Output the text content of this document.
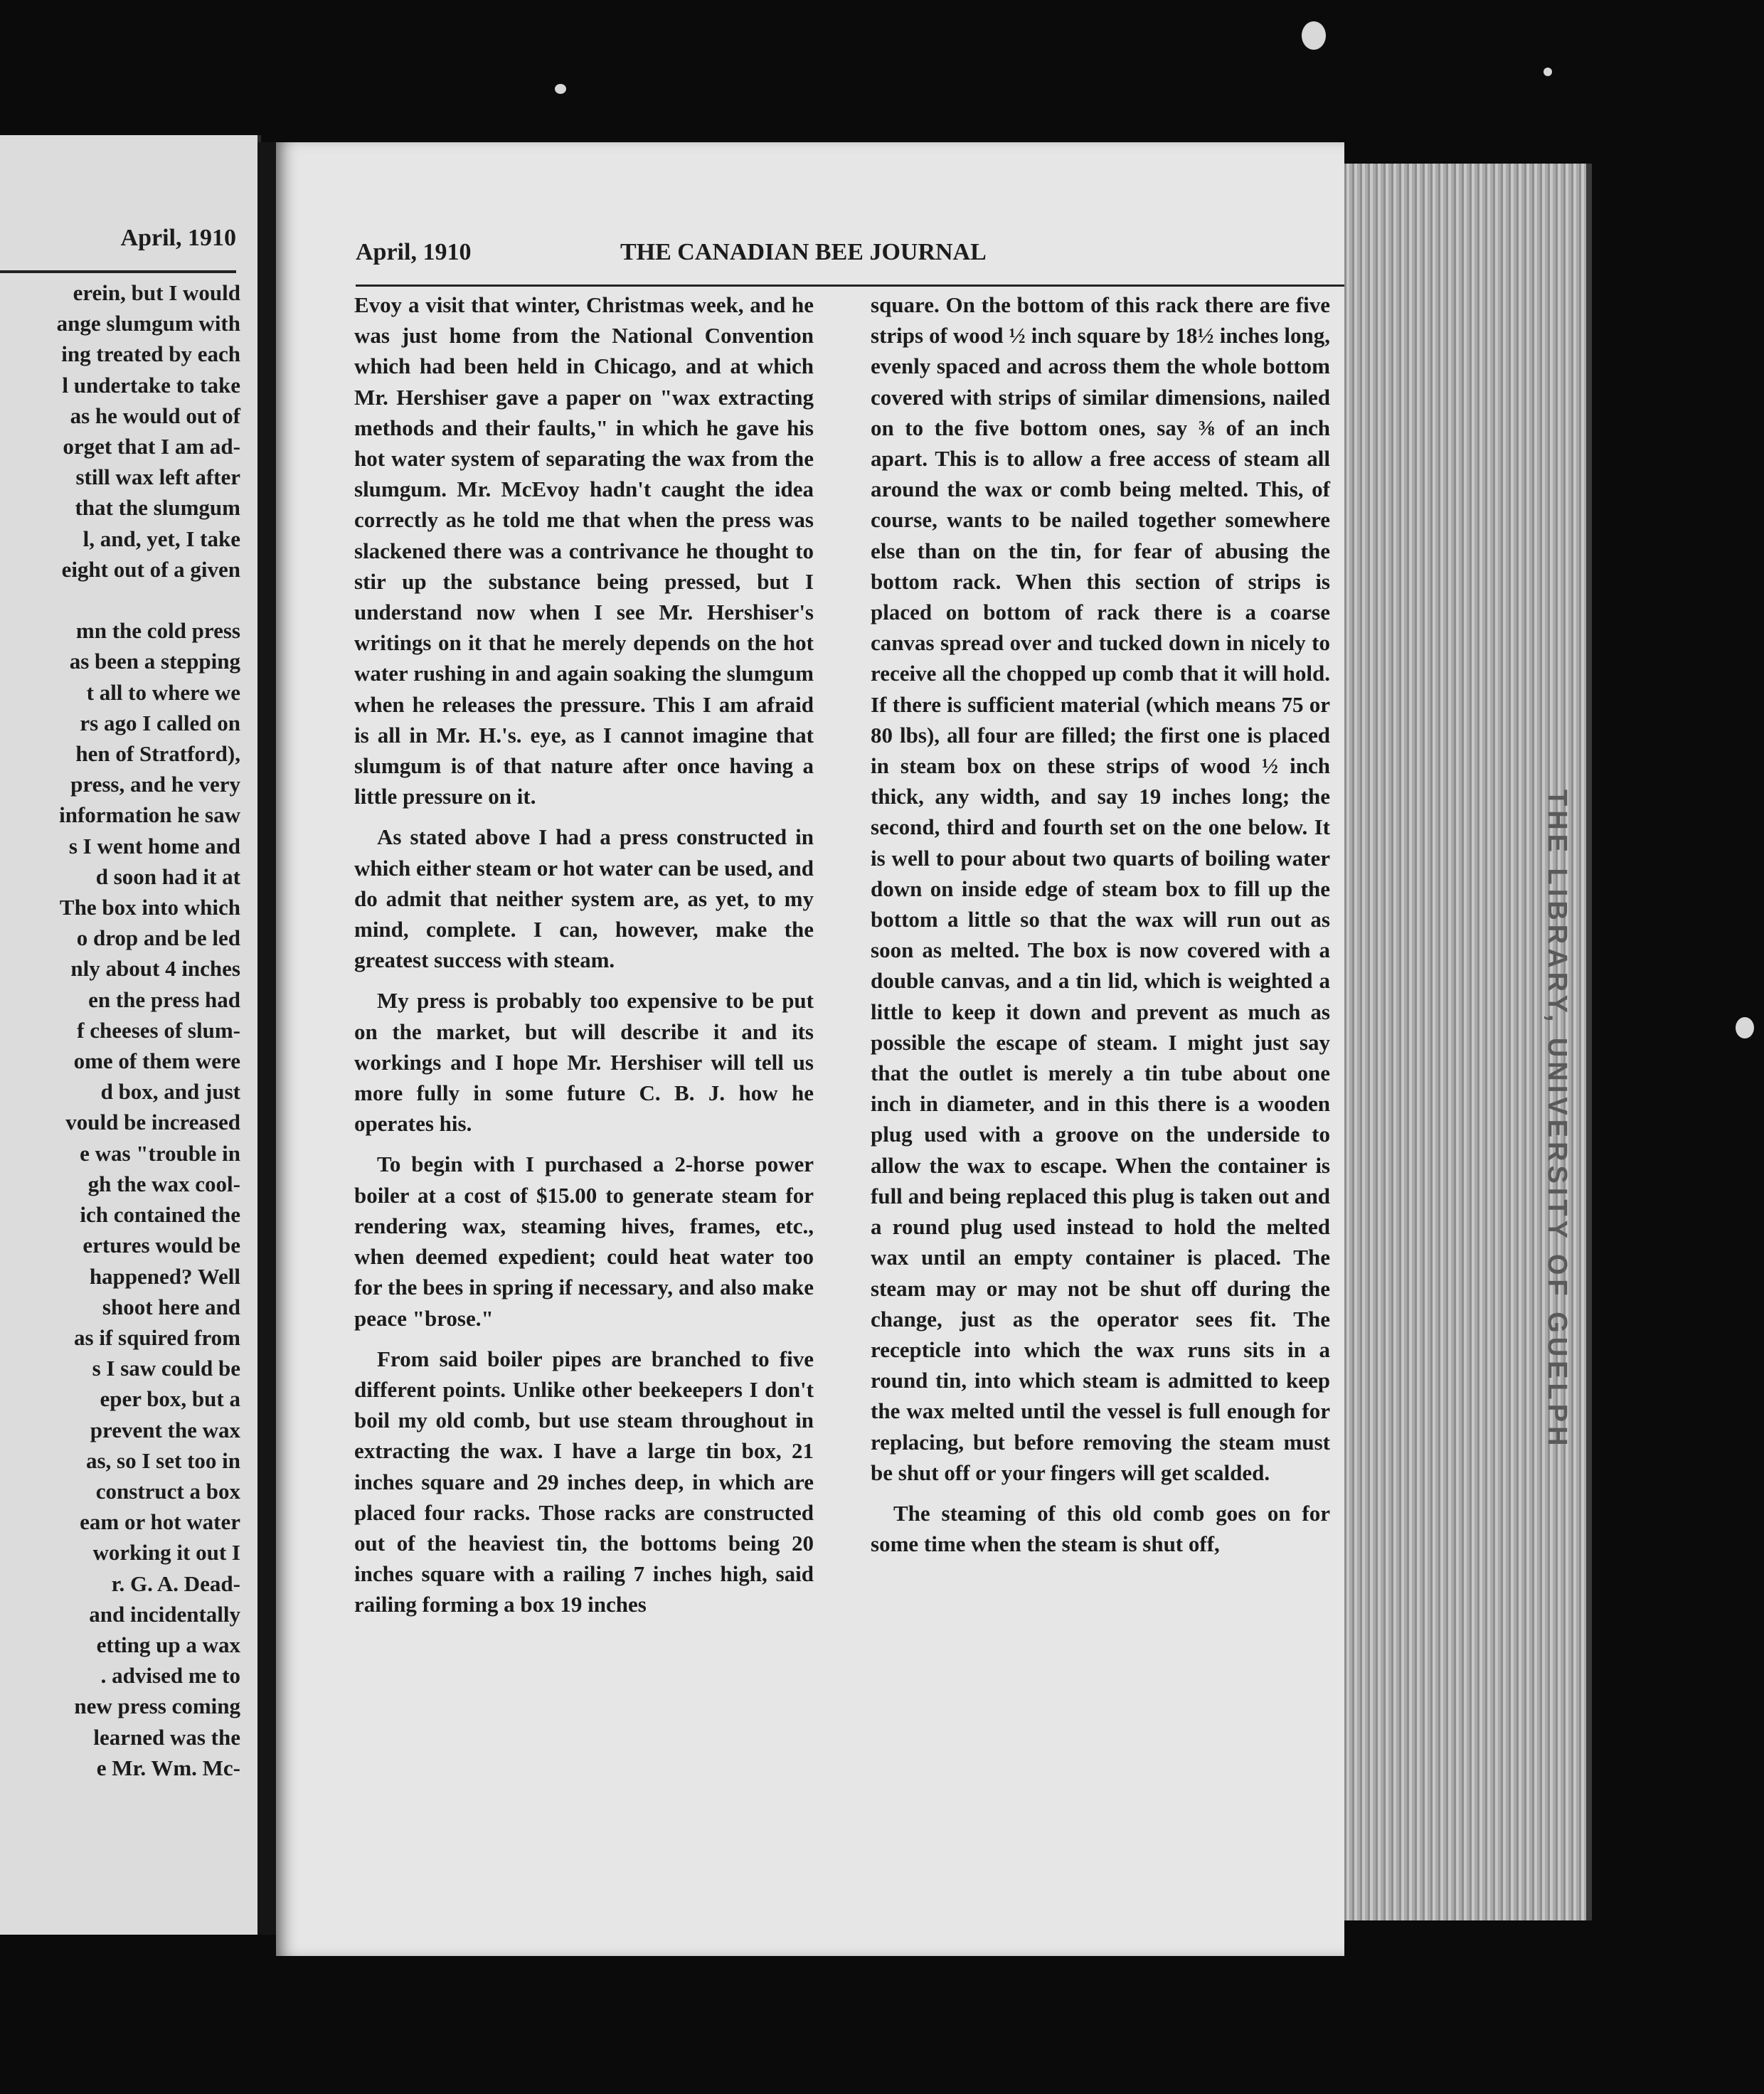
April, 1910
erein, but I would
ange slumgum with
ing treated by each
l undertake to take
as he would out of
orget that I am ad-
still wax left after
that the slumgum
l, and, yet, I take
eight out of a given

mn the cold press
as been a stepping
t all to where we
rs ago I called on
hen of Stratford),
press, and he very
information he saw
s I went home and
d soon had it at
The box into which
o drop and be led
nly about 4 inches
en the press had
f cheeses of slum-
ome of them were
d box, and just
vould be increased
e was "trouble in
gh the wax cool-
ich contained the
ertures would be
happened? Well
shoot here and
as if squired from
s I saw could be
eper box, but a
prevent the wax
as, so I set too in
construct a box
eam or hot water
working it out I
r. G. A. Dead-
and incidentally
etting up a wax
. advised me to
new press coming
learned was the
e Mr. Wm. Mc-
April, 1910	THE CANADIAN BEE JOURNAL

Evoy a visit that winter, Christmas week, and he was just home from the National Convention which had been held in Chicago, and at which Mr. Hershiser gave a paper on "wax extracting methods and their faults," in which he gave his hot water system of separating the wax from the slumgum. Mr. McEvoy hadn't caught the idea correctly as he told me that when the press was slackened there was a contrivance he thought to stir up the substance being pressed, but I understand now when I see Mr. Hershiser's writings on it that he merely depends on the hot water rushing in and again soaking the slumgum when he releases the pressure. This I am afraid is all in Mr. H.'s. eye, as I cannot imagine that slumgum is of that nature after once having a little pressure on it.

As stated above I had a press constructed in which either steam or hot water can be used, and do admit that neither system are, as yet, to my mind, complete. I can, however, make the greatest success with steam.

My press is probably too expensive to be put on the market, but will describe it and its workings and I hope Mr. Hershiser will tell us more fully in some future C. B. J. how he operates his.

To begin with I purchased a 2-horse power boiler at a cost of $15.00 to generate steam for rendering wax, steaming hives, frames, etc., when deemed expedient; could heat water too for the bees in spring if necessary, and also make peace "brose."

From said boiler pipes are branched to five different points. Unlike other beekeepers I don't boil my old comb, but use steam throughout in extracting the wax. I have a large tin box, 21 inches square and 29 inches deep, in which are placed four racks. Those racks are constructed out of the heaviest tin, the bottoms being 20 inches square with a railing 7 inches high, said railing forming a box 19 inches

square. On the bottom of this rack there are five strips of wood ½ inch square by 18½ inches long, evenly spaced and across them the whole bottom covered with strips of similar dimensions, nailed on to the five bottom ones, say ⅜ of an inch apart. This is to allow a free access of steam all around the wax or comb being melted. This, of course, wants to be nailed together somewhere else than on the tin, for fear of abusing the bottom rack. When this section of strips is placed on bottom of rack there is a coarse canvas spread over and tucked down in nicely to receive all the chopped up comb that it will hold. If there is sufficient material (which means 75 or 80 lbs), all four are filled; the first one is placed in steam box on these strips of wood ½ inch thick, any width, and say 19 inches long; the second, third and fourth set on the one below. It is well to pour about two quarts of boiling water down on inside edge of steam box to fill up the bottom a little so that the wax will run out as soon as melted. The box is now covered with a double canvas, and a tin lid, which is weighted a little to keep it down and prevent as much as possible the escape of steam. I might just say that the outlet is merely a tin tube about one inch in diameter, and in this there is a wooden plug used with a groove on the underside to allow the wax to escape. When the container is full and being replaced this plug is taken out and a round plug used instead to hold the melted wax until an empty container is placed. The steam may or may not be shut off during the change, just as the operator sees fit. The recepticle into which the wax runs sits in a round tin, into which steam is admitted to keep the wax melted until the vessel is full enough for replacing, but before removing the steam must be shut off or your fingers will get scalded.

The steaming of this old comb goes on for some time when the steam is shut off,

THE LIBRARY, UNIVERSITY OF GUELPH
